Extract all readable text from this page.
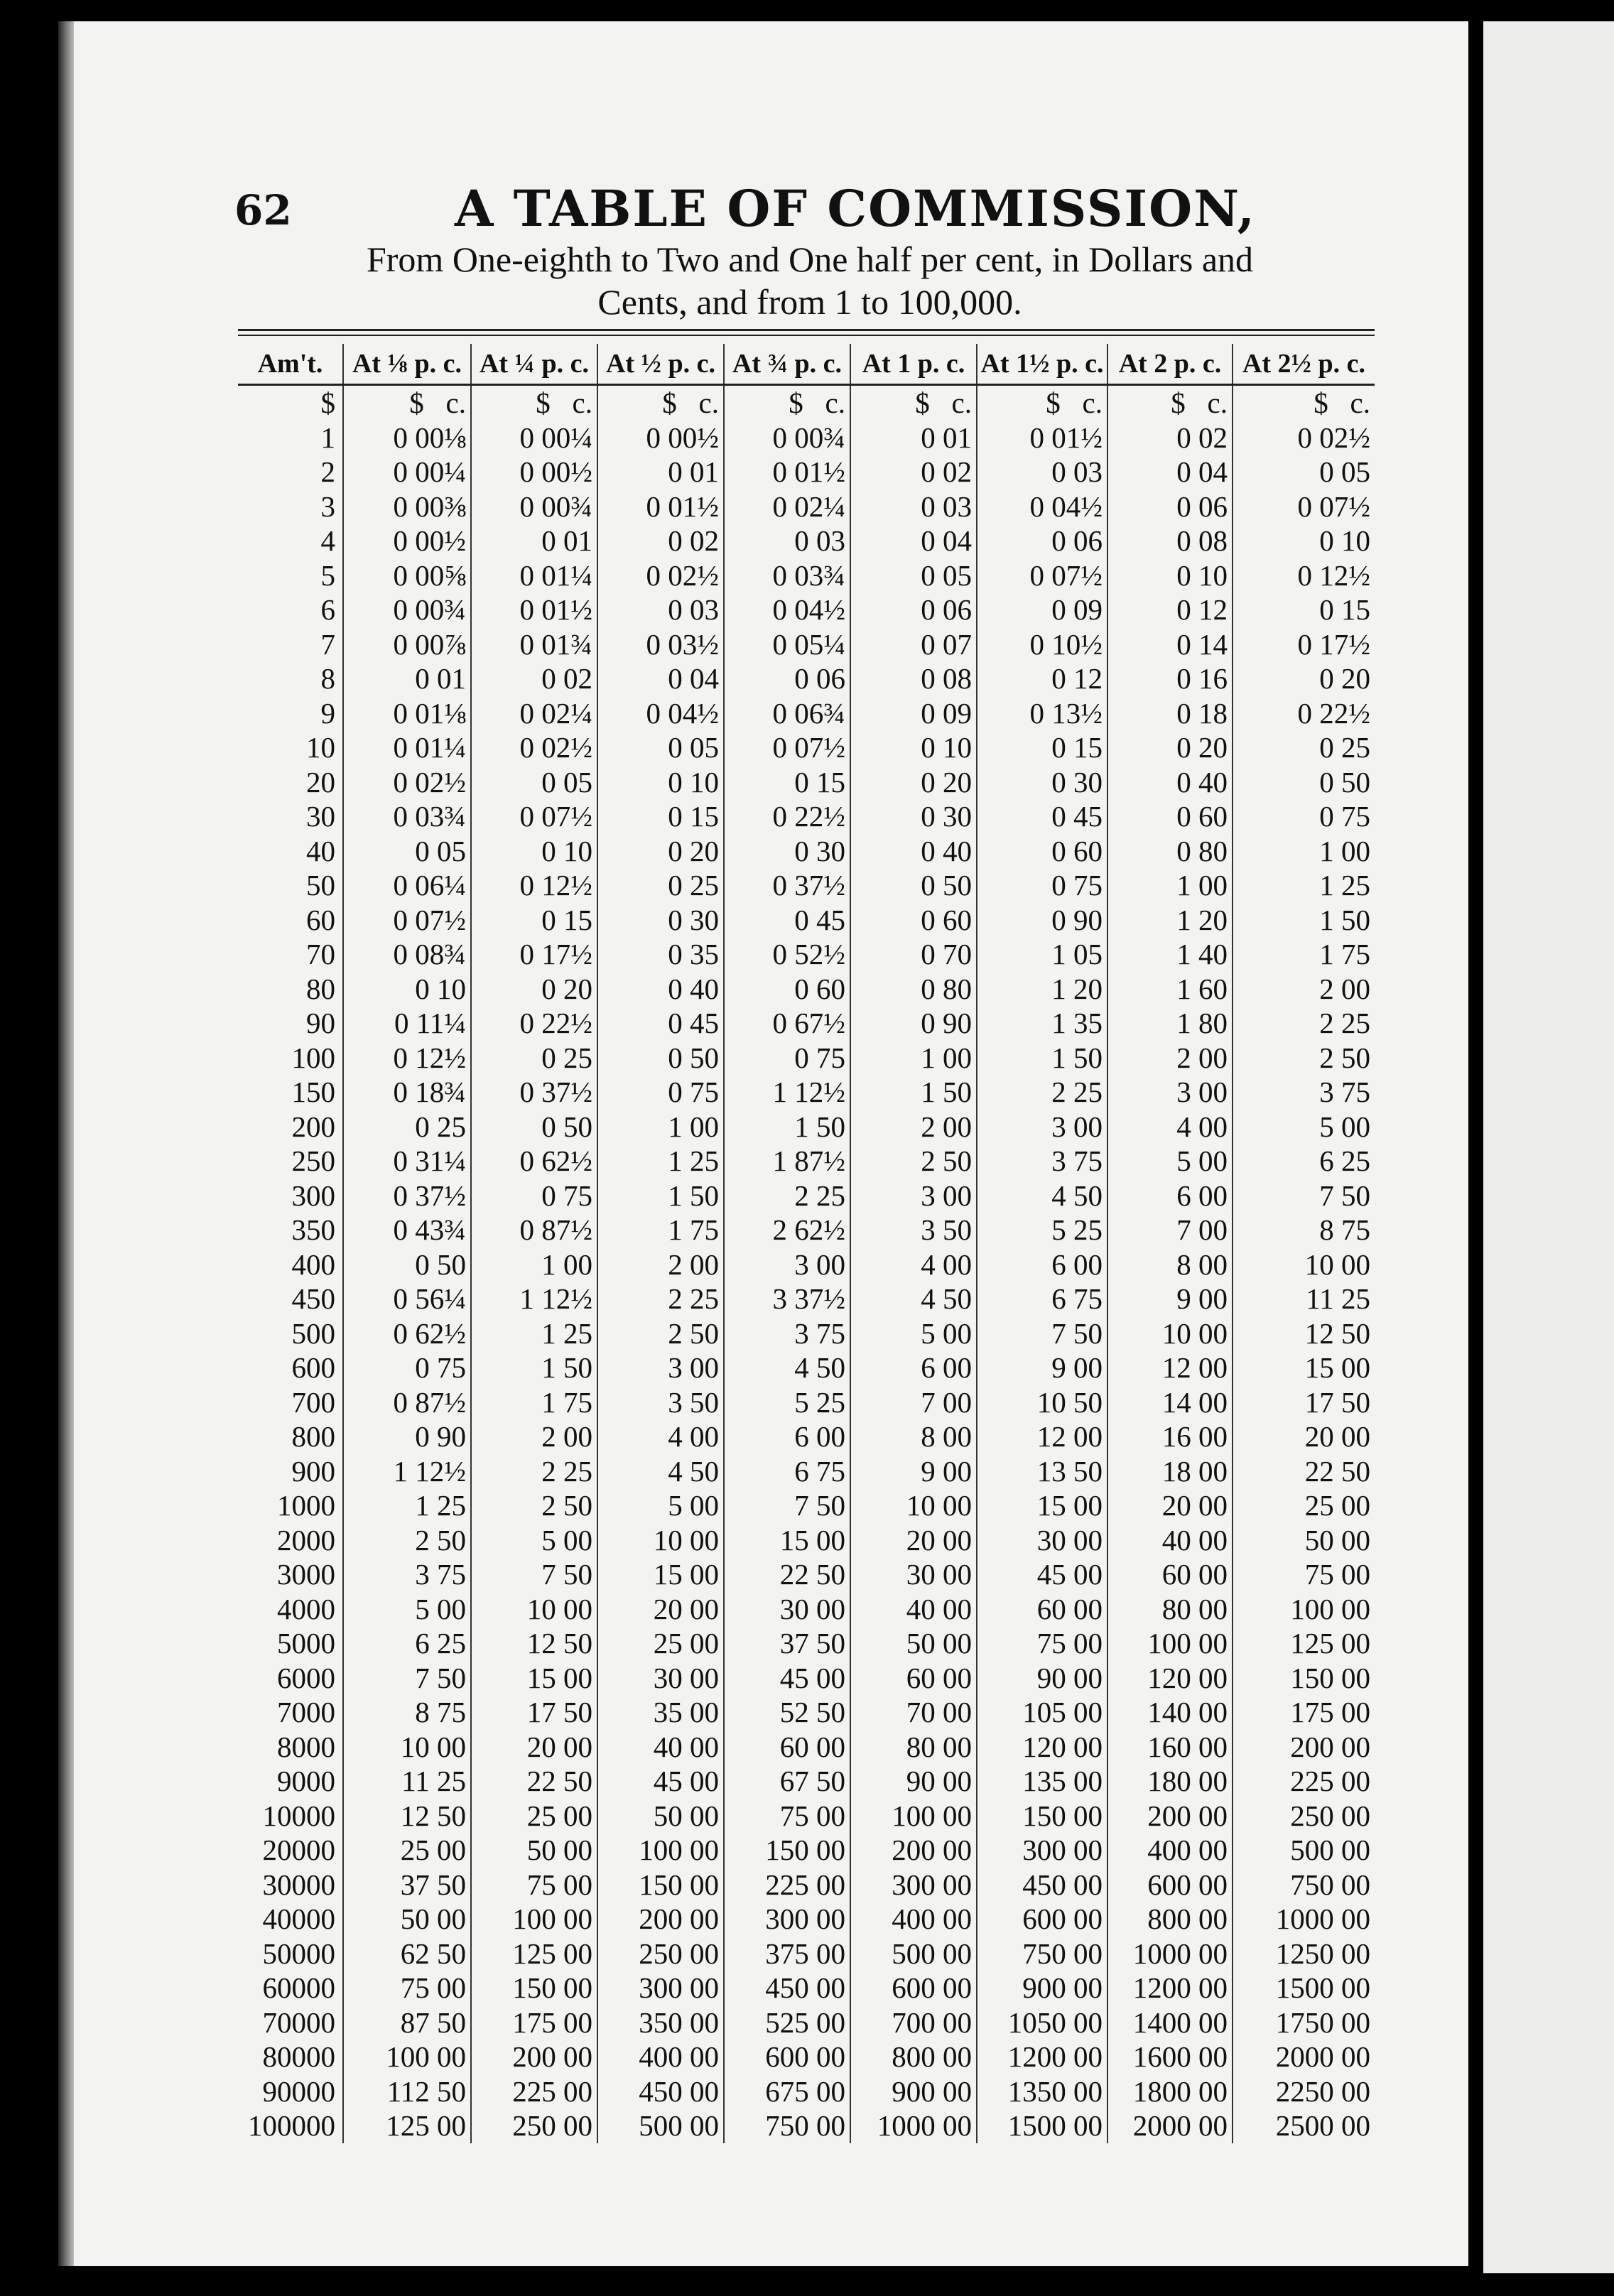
62	A TABLE OF COMMISSION,
From One-eighth to Two and One half per cent, in Dollars and
Cents, and from 1 to 100,000.
Am't.	At ⅛ p. c.	At ¼ p. c.	At ½ p. c.	At ¾ p. c.	At 1 p. c.	At 1½ p. c.	At 2 p. c.	At 2½ p. c.
$	$   c.	$   c.	$   c.	$   c.	$   c.	$   c.	$   c.	$   c.
1	0 00⅛	0 00¼	0 00½	0 00¾	0 01	0 01½	0 02	0 02½
2	0 00¼	0 00½	0 01	0 01½	0 02	0 03	0 04	0 05
3	0 00⅜	0 00¾	0 01½	0 02¼	0 03	0 04½	0 06	0 07½
4	0 00½	0 01	0 02	0 03	0 04	0 06	0 08	0 10
5	0 00⅝	0 01¼	0 02½	0 03¾	0 05	0 07½	0 10	0 12½
6	0 00¾	0 01½	0 03	0 04½	0 06	0 09	0 12	0 15
7	0 00⅞	0 01¾	0 03½	0 05¼	0 07	0 10½	0 14	0 17½
8	0 01	0 02	0 04	0 06	0 08	0 12	0 16	0 20
9	0 01⅛	0 02¼	0 04½	0 06¾	0 09	0 13½	0 18	0 22½
10	0 01¼	0 02½	0 05	0 07½	0 10	0 15	0 20	0 25
20	0 02½	0 05	0 10	0 15	0 20	0 30	0 40	0 50
30	0 03¾	0 07½	0 15	0 22½	0 30	0 45	0 60	0 75
40	0 05	0 10	0 20	0 30	0 40	0 60	0 80	1 00
50	0 06¼	0 12½	0 25	0 37½	0 50	0 75	1 00	1 25
60	0 07½	0 15	0 30	0 45	0 60	0 90	1 20	1 50
70	0 08¾	0 17½	0 35	0 52½	0 70	1 05	1 40	1 75
80	0 10	0 20	0 40	0 60	0 80	1 20	1 60	2 00
90	0 11¼	0 22½	0 45	0 67½	0 90	1 35	1 80	2 25
100	0 12½	0 25	0 50	0 75	1 00	1 50	2 00	2 50
150	0 18¾	0 37½	0 75	1 12½	1 50	2 25	3 00	3 75
200	0 25	0 50	1 00	1 50	2 00	3 00	4 00	5 00
250	0 31¼	0 62½	1 25	1 87½	2 50	3 75	5 00	6 25
300	0 37½	0 75	1 50	2 25	3 00	4 50	6 00	7 50
350	0 43¾	0 87½	1 75	2 62½	3 50	5 25	7 00	8 75
400	0 50	1 00	2 00	3 00	4 00	6 00	8 00	10 00
450	0 56¼	1 12½	2 25	3 37½	4 50	6 75	9 00	11 25
500	0 62½	1 25	2 50	3 75	5 00	7 50	10 00	12 50
600	0 75	1 50	3 00	4 50	6 00	9 00	12 00	15 00
700	0 87½	1 75	3 50	5 25	7 00	10 50	14 00	17 50
800	0 90	2 00	4 00	6 00	8 00	12 00	16 00	20 00
900	1 12½	2 25	4 50	6 75	9 00	13 50	18 00	22 50
1000	1 25	2 50	5 00	7 50	10 00	15 00	20 00	25 00
2000	2 50	5 00	10 00	15 00	20 00	30 00	40 00	50 00
3000	3 75	7 50	15 00	22 50	30 00	45 00	60 00	75 00
4000	5 00	10 00	20 00	30 00	40 00	60 00	80 00	100 00
5000	6 25	12 50	25 00	37 50	50 00	75 00	100 00	125 00
6000	7 50	15 00	30 00	45 00	60 00	90 00	120 00	150 00
7000	8 75	17 50	35 00	52 50	70 00	105 00	140 00	175 00
8000	10 00	20 00	40 00	60 00	80 00	120 00	160 00	200 00
9000	11 25	22 50	45 00	67 50	90 00	135 00	180 00	225 00
10000	12 50	25 00	50 00	75 00	100 00	150 00	200 00	250 00
20000	25 00	50 00	100 00	150 00	200 00	300 00	400 00	500 00
30000	37 50	75 00	150 00	225 00	300 00	450 00	600 00	750 00
40000	50 00	100 00	200 00	300 00	400 00	600 00	800 00	1000 00
50000	62 50	125 00	250 00	375 00	500 00	750 00	1000 00	1250 00
60000	75 00	150 00	300 00	450 00	600 00	900 00	1200 00	1500 00
70000	87 50	175 00	350 00	525 00	700 00	1050 00	1400 00	1750 00
80000	100 00	200 00	400 00	600 00	800 00	1200 00	1600 00	2000 00
90000	112 50	225 00	450 00	675 00	900 00	1350 00	1800 00	2250 00
100000	125 00	250 00	500 00	750 00	1000 00	1500 00	2000 00	2500 00
